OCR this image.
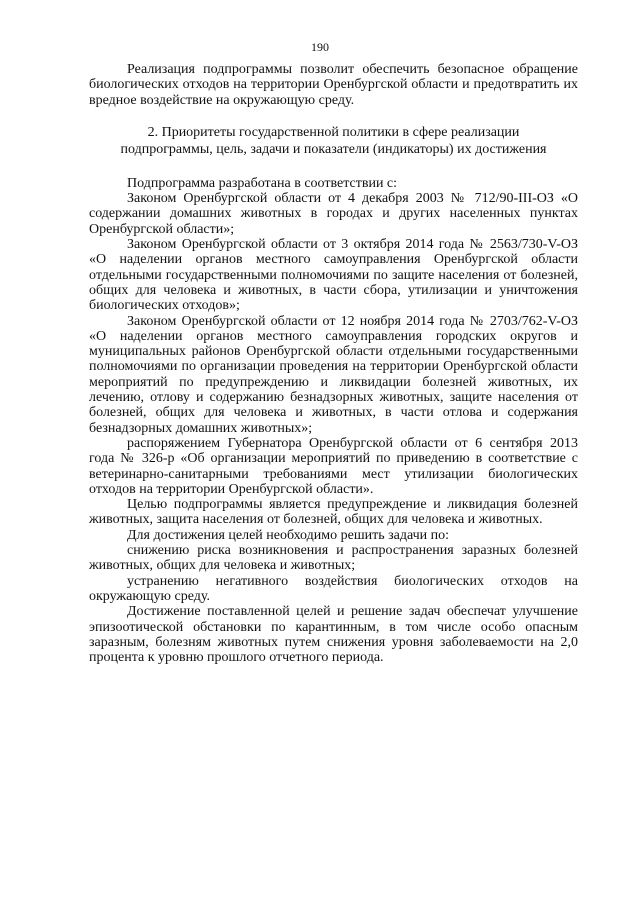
190

Реализация подпрограммы позволит обеспечить безопасное обращение биологических отходов на территории Оренбургской области и предотвратить их вредное воздействие на окружающую среду.

2. Приоритеты государственной политики в сфере реализации
подпрограммы, цель, задачи и показатели (индикаторы) их достижения

Подпрограмма разработана в соответствии с:

Законом Оренбургской области от 4 декабря 2003 № 712/90-III-ОЗ «О содержании домашних животных в городах и других населенных пунктах Оренбургской области»;

Законом Оренбургской области от 3 октября 2014 года № 2563/730-V-ОЗ «О наделении органов местного самоуправления Оренбургской области отдельными государственными полномочиями по защите населения от болезней, общих для человека и животных, в части сбора, утилизации и уничтожения биологических отходов»;

Законом Оренбургской области от 12 ноября 2014 года № 2703/762-V-ОЗ «О наделении органов местного самоуправления городских округов и муниципальных районов Оренбургской области отдельными государственными полномочиями по организации проведения на территории Оренбургской области мероприятий по предупреждению и ликвидации болезней животных, их лечению, отлову и содержанию безнадзорных животных, защите населения от болезней, общих для человека и животных, в части отлова и содержания безнадзорных домашних животных»;

распоряжением Губернатора Оренбургской области от 6 сентября 2013 года № 326-р «Об организации мероприятий по приведению в соответствие с ветеринарно-санитарными требованиями мест утилизации биологических отходов на территории Оренбургской области».

Целью подпрограммы является предупреждение и ликвидация болезней животных, защита населения от болезней, общих для человека и животных.

Для достижения целей необходимо решить задачи по:

снижению риска возникновения и распространения заразных болезней животных, общих для человека и животных;

устранению негативного воздействия биологических отходов на окружающую среду.

Достижение поставленной целей и решение задач обеспечат улучшение эпизоотической обстановки по карантинным, в том числе особо опасным заразным, болезням животных путем снижения уровня заболеваемости на 2,0 процента к уровню прошлого отчетного периода.
